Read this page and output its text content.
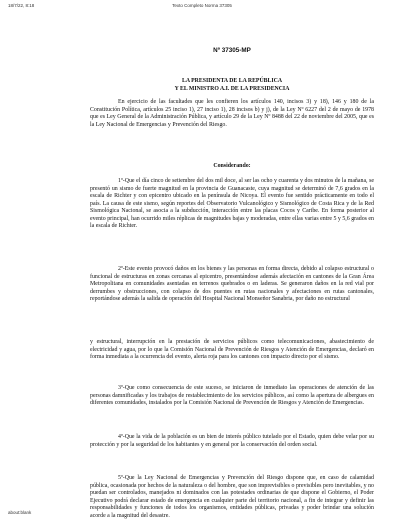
18/7/22, 8:18	Texto Completo Norma 37305
Nº 37305-MP
LA PRESIDENTA DE LA REPÚBLICA
Y EL MINISTRO A.I. DE LA PRESIDENCIA

En ejercicio de las facultades que les confieren los artículos 140, incisos 3) y 18), 146 y 180 de la Constitución Política, artículos 25 inciso 1), 27 inciso 1), 28 incisos b) y j), de la Ley Nº 6227 del 2 de mayo de 1978 que es Ley General de la Administración Pública, y artículo 29 de la Ley Nº 8488 del 22 de noviembre del 2005, que es la Ley Nacional de Emergencias y Prevención del Riesgo.

Considerando:

1º-Que el día cinco de setiembre del dos mil doce, al ser las ocho y cuarenta y dos minutos de la mañana, se presentó un sismo de fuerte magnitud en la provincia de Guanacaste, cuya magnitud se determinó de 7,6 grados en la escala de Richter y con epicentro ubicado en la península de Nicoya. El evento fue sentido prácticamente en todo el país. La causa de este sismo, según reportes del Observatorio Vulcanológico y Sismológico de Costa Rica y de la Red Sismológica Nacional, se asocia a la subducción, interacción entre las placas Cocos y Caribe. En forma posterior al evento principal, han ocurrido miles réplicas de magnitudes bajas y moderadas, entre ellas varias entre 5 y 5,6 grados en la escala de Richter.

2º-Este evento provocó daños en los bienes y las personas en forma directa, debido al colapso estructural o funcional de estructuras en zonas cercanas al epicentro, presentándose además afectación en cantones de la Gran Área Metropolitana en comunidades asentadas en terrenos quebrados o en laderas. Se generaron daños en la red vial por derrumbes y obstrucciones, con colapso de dos puentes en rutas nacionales y afectaciones en rutas cantonales, reportándose además la salida de operación del Hospital Nacional Monseñor Sanabria, por daño no estructural

y estructural, interrupción en la prestación de servicios públicos como telecomunicaciones, abastecimiento de electricidad y agua, por lo que la Comisión Nacional de Prevención de Riesgos y Atención de Emergencias, declaró en forma inmediata a la ocurrencia del evento, alerta roja para los cantones con impacto directo por el sismo.

3º-Que como consecuencia de este suceso, se iniciaron de inmediato las operaciones de atención de las personas damnificadas y los trabajos de restablecimiento de los servicios públicos, así como la apertura de albergues en diferentes comunidades, instalados por la Comisión Nacional de Prevención de Riesgos y Atención de Emergencias.

4º-Que la vida de la población es un bien de interés público tutelado por el Estado, quien debe velar por su protección y por la seguridad de los habitantes y en general por la conservación del orden social.

5º-Que la Ley Nacional de Emergencias y Prevención del Riesgo dispone que, en caso de calamidad pública, ocasionada por hechos de la naturaleza o del hombre, que son imprevisibles o previsibles pero inevitables, y no puedan ser controlados, manejados ni dominados con las potestades ordinarias de que dispone el Gobierno, el Poder Ejecutivo podrá declarar estado de emergencia en cualquier parte del territorio nacional, a fin de integrar y definir las responsabilidades y funciones de todos los organismos, entidades públicas, privadas y poder brindar una solución acorde a la magnitud del desastre.

about:blank
